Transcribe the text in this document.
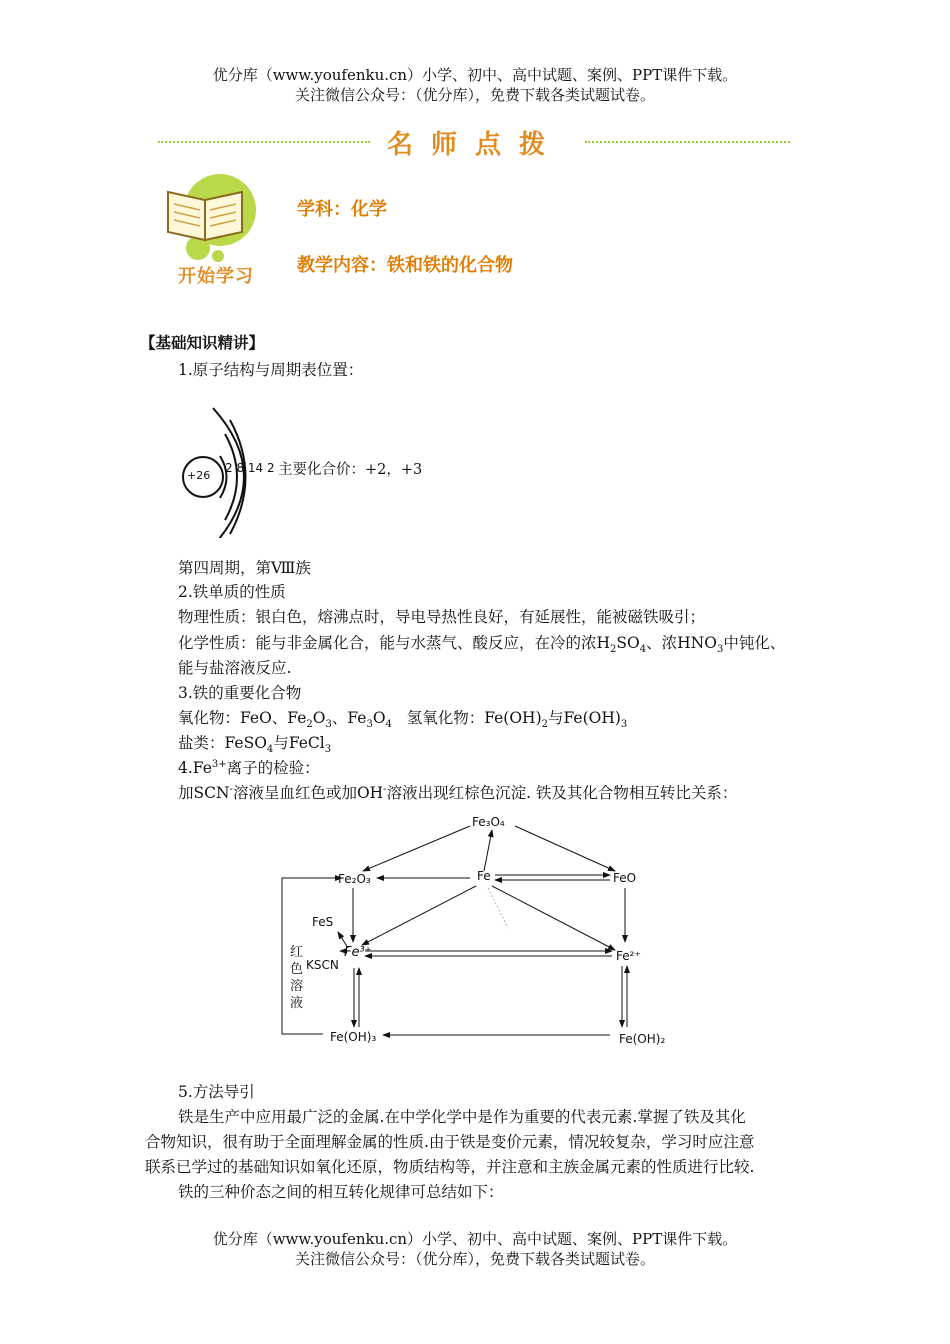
优分库（www.youfenku.cn）小学、初中、高中试题、案例、PPT课件下载。
关注微信公众号：（优分库），免费下载各类试题试卷。
名师点拨
开始学习
学科：化学
教学内容：铁和铁的化合物
【基础知识精讲】
1.原子结构与周期表位置：
+26
2 8 14 2 主要化合价：+2，+3
第四周期，第Ⅷ族
2.铁单质的性质
物理性质：银白色，熔沸点时，导电导热性良好，有延展性，能被磁铁吸引；
化学性质：能与非金属化合，能与水蒸气、酸反应，在冷的浓$H_2SO_4$、浓$HNO_3$中钝化、
能与盐溶液反应.
3.铁的重要化合物
氧化物：FeO、$Fe_2O_3$、$Fe_3O_4$ 氢氧化物：$Fe(OH)_2$与$Fe(OH)_3$
盐类：FeSO$_4$与FeCl$_3$
$4.Fe^{3+}$离子的检验：
加SCN-溶液呈血红色或加OH-溶液出现红棕色沉淀. 铁及其化合物相互转比关系：
Fe₃O₄
Fe₂O₃	Fe	FeO
FeS
Fe³⁺	Fe²⁺
Fe(OH)₃	Fe(OH)₂
KSCN
红色溶液
5.方法导引
铁是生产中应用最广泛的金属.在中学化学中是作为重要的代表元素.掌握了铁及其化
合物知识，很有助于全面理解金属的性质.由于铁是变价元素，情况较复杂，学习时应注意
联系已学过的基础知识如氧化还原，物质结构等，并注意和主族金属元素的性质进行比较.
铁的三种价态之间的相互转化规律可总结如下：
优分库（www.youfenku.cn）小学、初中、高中试题、案例、PPT课件下载。
关注微信公众号：（优分库），免费下载各类试题试卷。
